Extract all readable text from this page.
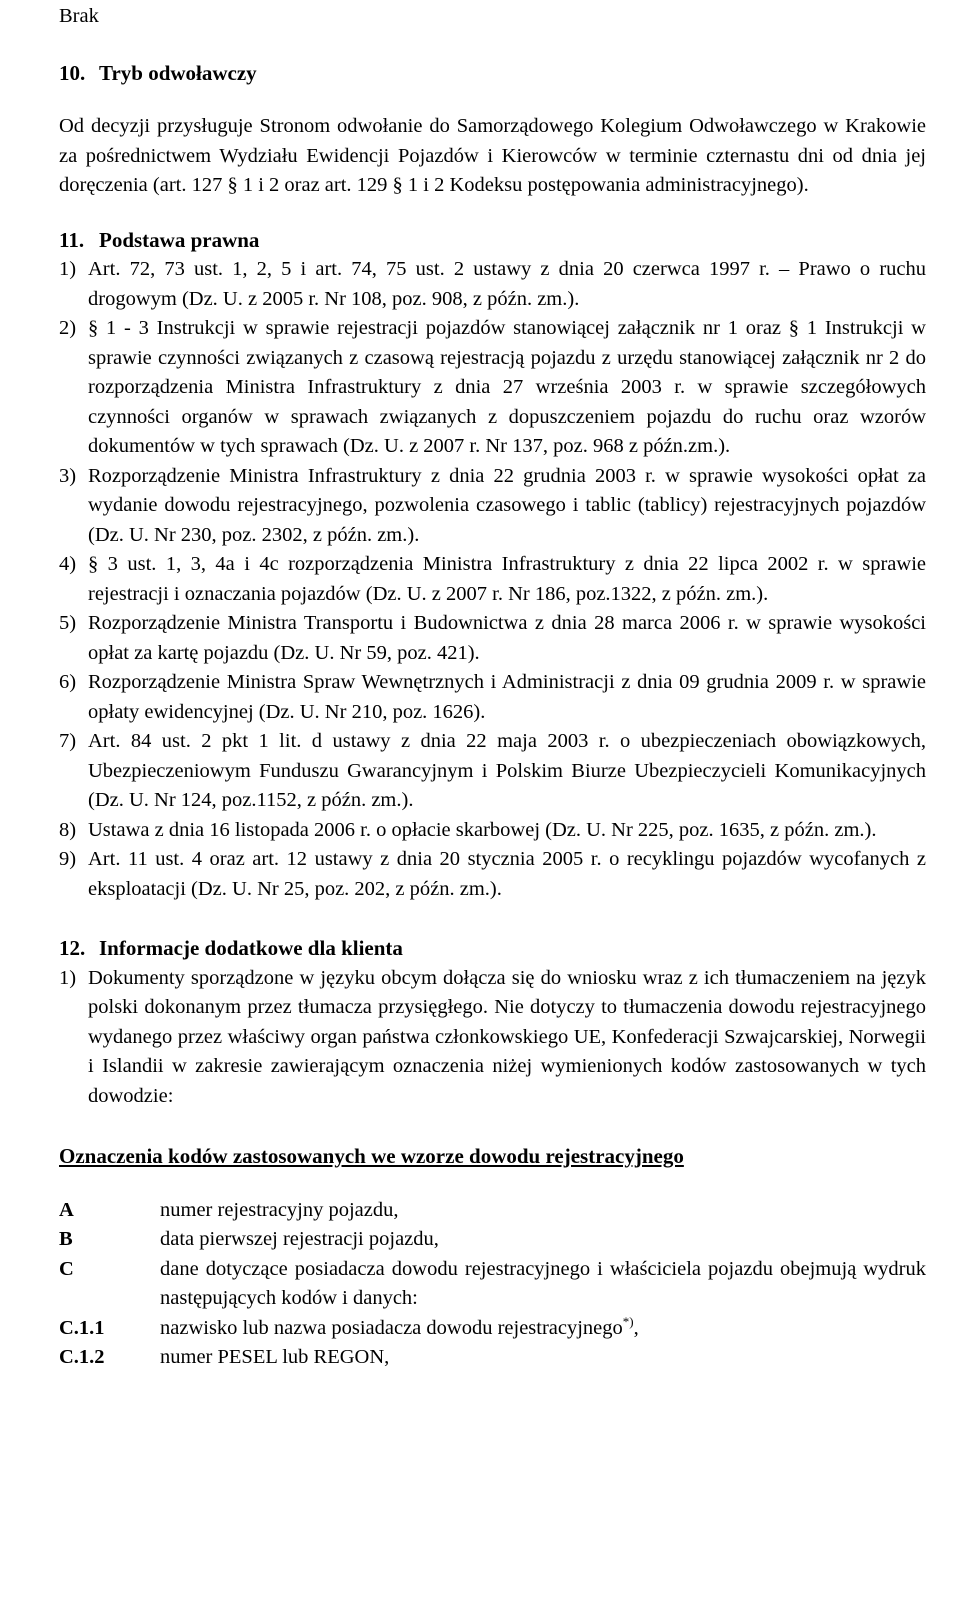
Brak

10. Tryb odwoławczy

Od decyzji przysługuje Stronom odwołanie do Samorządowego Kolegium Odwoławczego w Krakowie za pośrednictwem Wydziału Ewidencji Pojazdów i Kierowców w terminie czternastu dni od dnia jej doręczenia (art. 127 § 1 i 2 oraz art. 129 § 1 i 2 Kodeksu postępowania administracyjnego).

11. Podstawa prawna
1) Art. 72, 73 ust. 1, 2, 5 i art. 74, 75 ust. 2 ustawy z dnia 20 czerwca 1997 r. – Prawo o ruchu drogowym (Dz. U. z 2005 r. Nr 108, poz. 908, z późn. zm.).
2) § 1 - 3 Instrukcji w sprawie rejestracji pojazdów stanowiącej załącznik nr 1 oraz § 1 Instrukcji w sprawie czynności związanych z czasową rejestracją pojazdu z urzędu stanowiącej załącznik nr 2 do rozporządzenia Ministra Infrastruktury z dnia 27 września 2003 r. w sprawie szczegółowych czynności organów w sprawach związanych z dopuszczeniem pojazdu do ruchu oraz wzorów dokumentów w tych sprawach (Dz. U. z 2007 r. Nr 137, poz. 968 z późn.zm.).
3) Rozporządzenie Ministra Infrastruktury z dnia 22 grudnia 2003 r. w sprawie wysokości opłat za wydanie dowodu rejestracyjnego, pozwolenia czasowego i tablic (tablicy) rejestracyjnych pojazdów (Dz. U. Nr 230, poz. 2302, z późn. zm.).
4) § 3 ust. 1, 3, 4a i 4c rozporządzenia Ministra Infrastruktury z dnia 22 lipca 2002 r. w sprawie rejestracji i oznaczania pojazdów (Dz. U. z 2007 r. Nr 186, poz.1322, z późn. zm.).
5) Rozporządzenie Ministra Transportu i Budownictwa z dnia 28 marca 2006 r. w sprawie wysokości opłat za kartę pojazdu (Dz. U. Nr 59, poz. 421).
6) Rozporządzenie Ministra Spraw Wewnętrznych i Administracji z dnia 09 grudnia 2009 r. w sprawie opłaty ewidencyjnej (Dz. U. Nr 210, poz. 1626).
7) Art. 84 ust. 2 pkt 1 lit. d ustawy z dnia 22 maja 2003 r. o ubezpieczeniach obowiązkowych, Ubezpieczeniowym Funduszu Gwarancyjnym i Polskim Biurze Ubezpieczycieli Komunikacyjnych (Dz. U. Nr 124, poz.1152, z późn. zm.).
8) Ustawa z dnia 16 listopada 2006 r. o opłacie skarbowej (Dz. U. Nr 225, poz. 1635, z późn. zm.).
9) Art. 11 ust. 4 oraz art. 12 ustawy z dnia 20 stycznia 2005 r. o recyklingu pojazdów wycofanych z eksploatacji (Dz. U. Nr 25, poz. 202, z późn. zm.).
12. Informacje dodatkowe dla klienta
1) Dokumenty sporządzone w języku obcym dołącza się do wniosku wraz z ich tłumaczeniem na język polski dokonanym przez tłumacza przysięgłego. Nie dotyczy to tłumaczenia dowodu rejestracyjnego wydanego przez właściwy organ państwa członkowskiego UE, Konfederacji Szwajcarskiej, Norwegii i Islandii w zakresie zawierającym oznaczenia niżej wymienionych kodów zastosowanych w tych dowodzie:
Oznaczenia kodów zastosowanych we wzorze dowodu rejestracyjnego
A	numer rejestracyjny pojazdu,
B	data pierwszej rejestracji pojazdu,
C	dane dotyczące posiadacza dowodu rejestracyjnego i właściciela pojazdu obejmują wydruk następujących kodów i danych:
C.1.1	nazwisko lub nazwa posiadacza dowodu rejestracyjnego*),
C.1.2	numer PESEL lub REGON,
